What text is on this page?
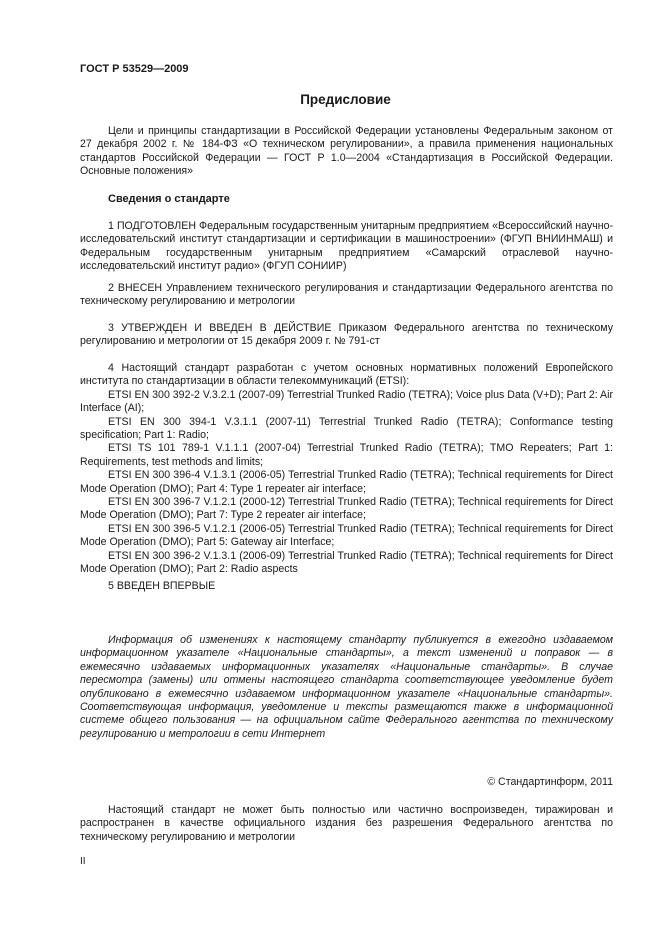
ГОСТ Р 53529—2009
Предисловие

Цели и принципы стандартизации в Российской Федерации установлены Федеральным законом от 27 декабря 2002 г. № 184-ФЗ «О техническом регулировании», а правила применения национальных стандартов Российской Федерации — ГОСТ Р 1.0—2004 «Стандартизация в Российской Федерации. Основные положения»

Сведения о стандарте

1 ПОДГОТОВЛЕН Федеральным государственным унитарным предприятием «Всероссийский научно-исследовательский институт стандартизации и сертификации в машиностроении» (ФГУП ВНИИНМАШ) и Федеральным государственным унитарным предприятием «Самарский отраслевой научно-исследовательский институт радио» (ФГУП СОНИИР)

2 ВНЕСЕН Управлением технического регулирования и стандартизации Федерального агентства по техническому регулированию и метрологии

3 УТВЕРЖДЕН И ВВЕДЕН В ДЕЙСТВИЕ Приказом Федерального агентства по техническому регулированию и метрологии от 15 декабря 2009 г. № 791-ст

4 Настоящий стандарт разработан с учетом основных нормативных положений Европейского института по стандартизации в области телекоммуникаций (ETSI):

ETSI EN 300 392-2 V.3.2.1 (2007-09) Terrestrial Trunked Radio (TETRA); Voice plus Data (V+D); Part 2: Air Interface (AI);

ETSI EN 300 394-1 V.3.1.1 (2007-11) Terrestrial Trunked Radio (TETRA); Conformance testing specification; Part 1: Radio;

ETSI TS 101 789-1 V.1.1.1 (2007-04) Terrestrial Trunked Radio (TETRA); TMO Repeaters; Part 1: Requirements, test methods and limits;

ETSI EN 300 396-4 V.1.3.1 (2006-05) Terrestrial Trunked Radio (TETRA); Technical requirements for Direct Mode Operation (DMO); Part 4: Type 1 repeater air interface;

ETSI EN 300 396-7 V.1.2.1 (2000-12) Terrestrial Trunked Radio (TETRA); Technical requirements for Direct Mode Operation (DMO); Part 7: Type 2 repeater air interface;

ETSI EN 300 396-5 V.1.2.1 (2006-05) Terrestrial Trunked Radio (TETRA); Technical requirements for Direct Mode Operation (DMO); Part 5: Gateway air Interface;

ETSI EN 300 396-2 V.1.3.1 (2006-09) Terrestrial Trunked Radio (TETRA); Technical requirements for Direct Mode Operation (DMO); Part 2: Radio aspects

5 ВВЕДЕН ВПЕРВЫЕ

Информация об изменениях к настоящему стандарту публикуется в ежегодно издаваемом информационном указателе «Национальные стандарты», а текст изменений и поправок — в ежемесячно издаваемых информационных указателях «Национальные стандарты». В случае пересмотра (замены) или отмены настоящего стандарта соответствующее уведомление будет опубликовано в ежемесячно издаваемом информационном указателе «Национальные стандарты». Соответствующая информация, уведомление и тексты размещаются также в информационной системе общего пользования — на официальном сайте Федерального агентства по техническому регулированию и метрологии в сети Интернет

© Стандартинформ, 2011

Настоящий стандарт не может быть полностью или частично воспроизведен, тиражирован и распространен в качестве официального издания без разрешения Федерального агентства по техническому регулированию и метрологии

II
